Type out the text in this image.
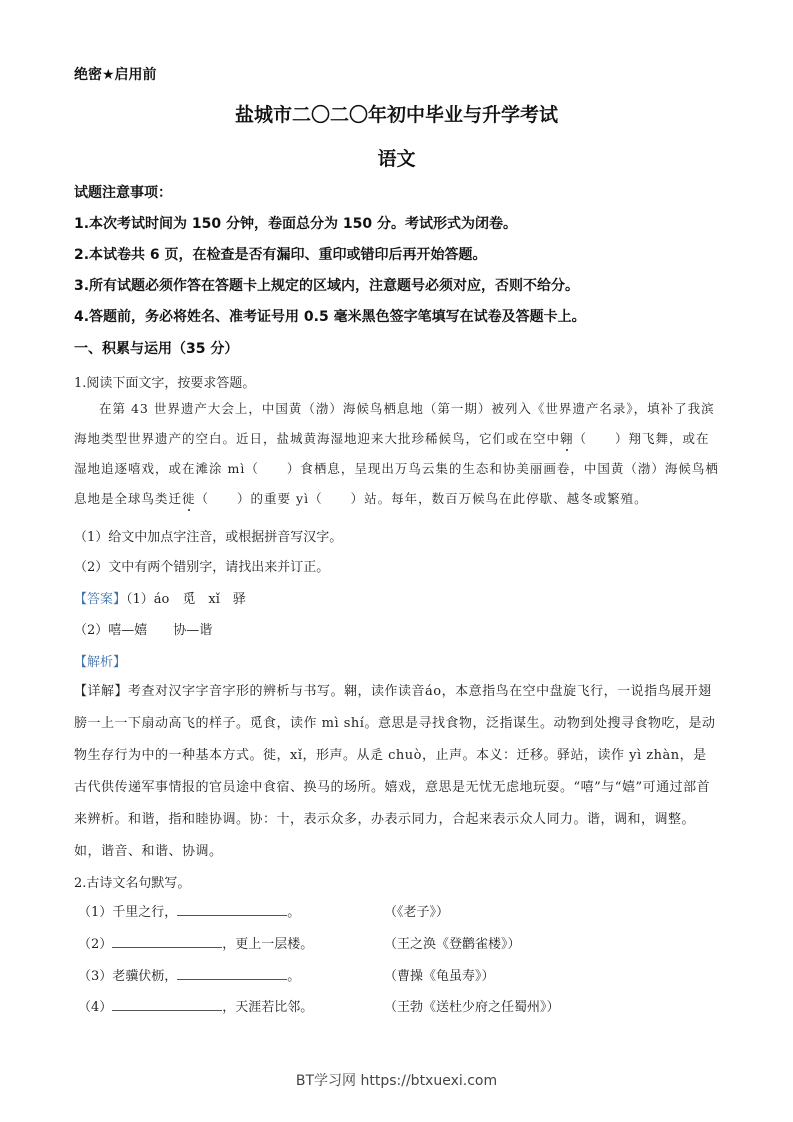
绝密★启用前
盐城市二〇二〇年初中毕业与升学考试
语文
试题注意事项：
1.本次考试时间为 150 分钟，卷面总分为 150 分。考试形式为闭卷。
2.本试卷共 6 页，在检查是否有漏印、重印或错印后再开始答题。
3.所有试题必须作答在答题卡上规定的区域内，注意题号必须对应，否则不给分。
4.答题前，务必将姓名、准考证号用 0.5 毫米黑色签字笔填写在试卷及答题卡上。
一、积累与运用（35 分）
1.阅读下面文字，按要求答题。
在第 43 世界遗产大会上，中国黄（渤）海候鸟栖息地（第一期）被列入《世界遗产名录》，填补了我滨海地类型世界遗产的空白。近日，盐城黄海湿地迎来大批珍稀候鸟，它们或在空中翱（ ）翔飞舞，或在湿地追逐嘻戏，或在滩涂 mì（ ）食栖息，呈现出万鸟云集的生态和协美丽画卷，中国黄（渤）海候鸟栖息地是全球鸟类迁徙（ ）的重要 yì（ ）站。每年，数百万候鸟在此停歇、越冬或繁殖。
（1）给文中加点字注音，或根据拼音写汉字。
（2）文中有两个错别字，请找出来并订正。
【答案】（1）áo　觅　xǐ　驿
（2）嘻—嬉　　协—谐
【解析】
【详解】考查对汉字字音字形的辨析与书写。翱，读作读音áo，本意指鸟在空中盘旋飞行，一说指鸟展开翅膀一上一下扇动高飞的样子。觅食，读作 mì shí。意思是寻找食物，泛指谋生。动物到处搜寻食物吃，是动物生存行为中的一种基本方式。徙，xǐ，形声。从辵 chuò，止声。本义：迁移。驿站，读作 yì zhàn，是古代供传递军事情报的官员途中食宿、换马的场所。嬉戏，意思是无忧无虑地玩耍。“嘻”与“嬉”可通过部首来辨析。和谐，指和睦协调。协：十，表示众多，办表示同力，合起来表示众人同力。谐，调和，调整。如，谐音、和谐、协调。
2.古诗文名句默写。
（1）千里之行，	。	（《老子》）
（2）	，更上一层楼。	（王之涣《登鹳雀楼》）
（3）老骥伏枥，	。	（曹操《龟虽寿》）
（4）	，天涯若比邻。	（王勃《送杜少府之任蜀州》）
BT学习网 https://btxuexi.com
